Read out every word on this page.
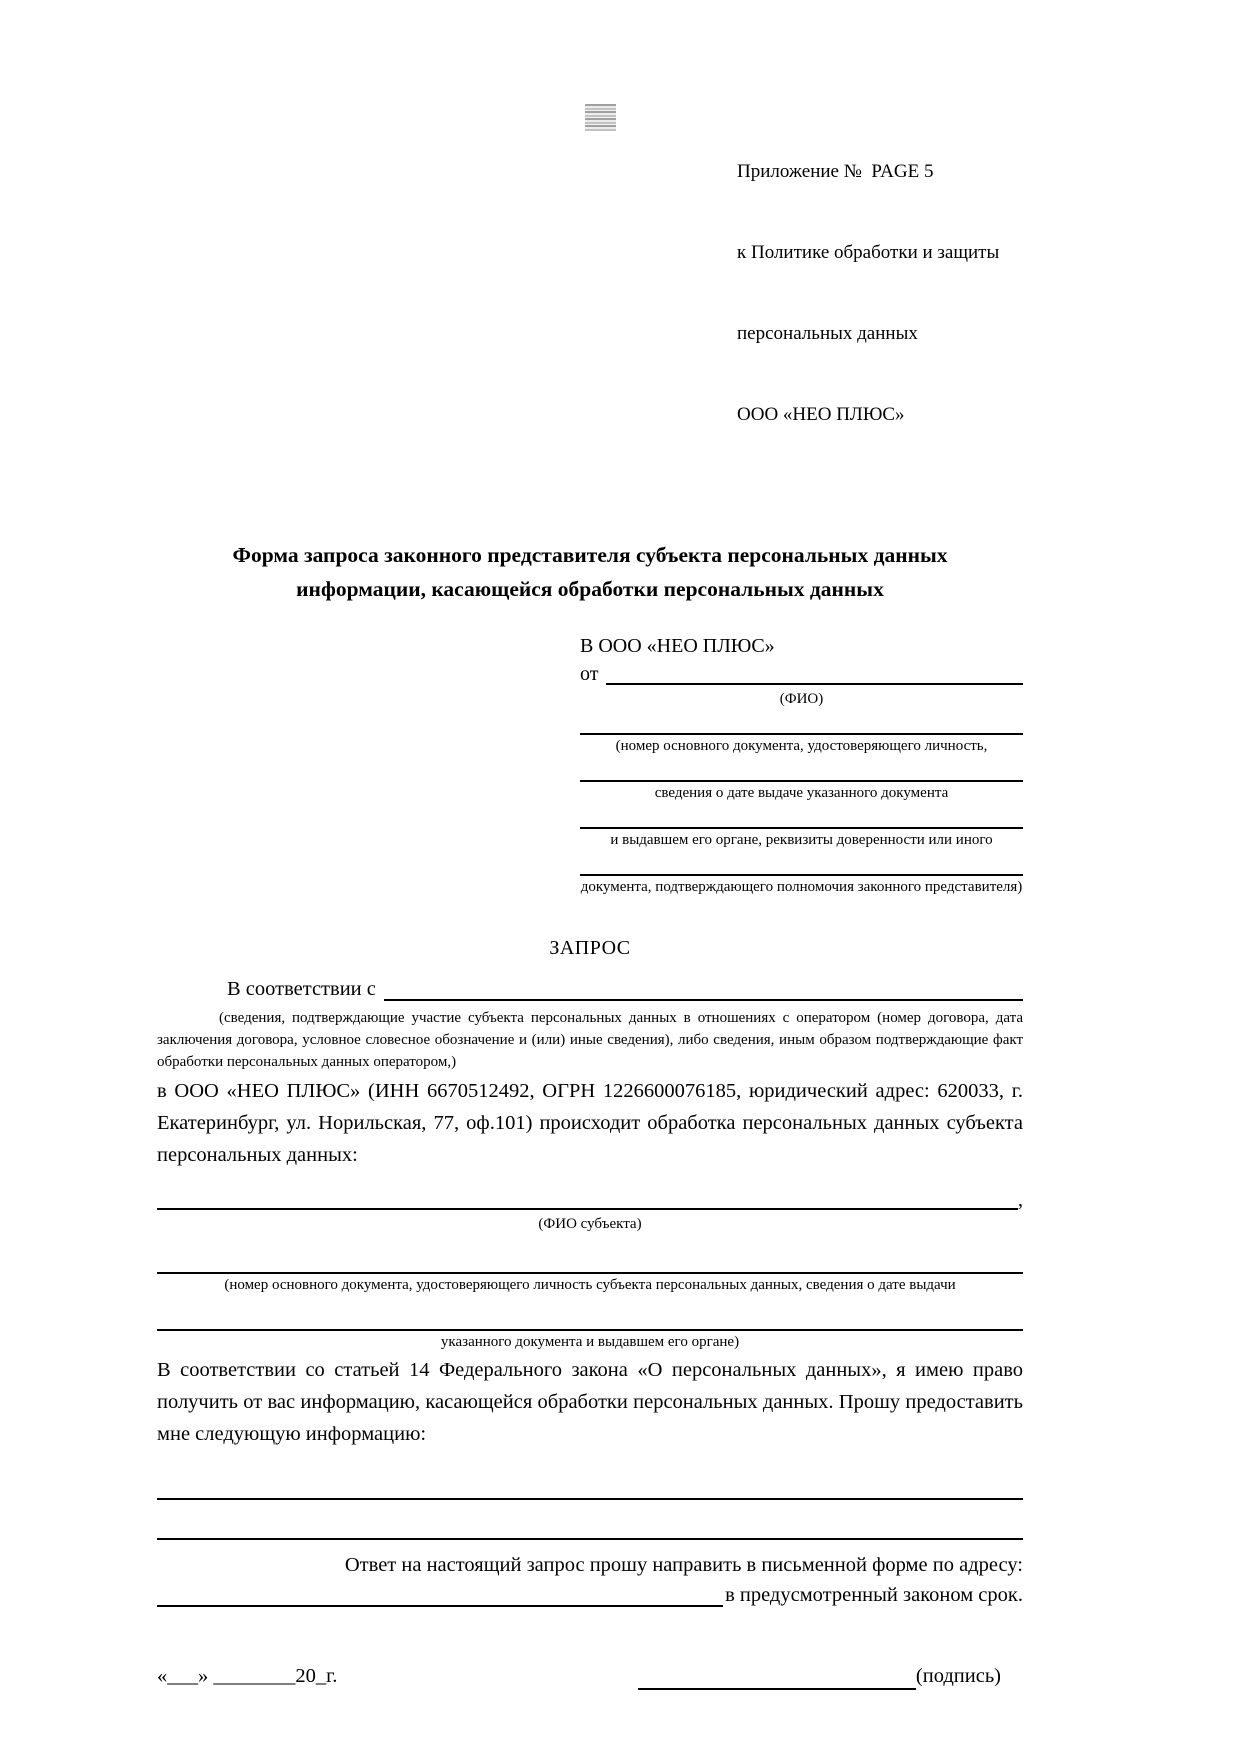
Приложение №  PAGE 5

к Политике обработки и защиты

персональных данных

ООО «НЕО ПЛЮС»

Форма запроса законного представителя субъекта персональных данных
информации, касающейся обработки персональных данных
В ООО «НЕО ПЛЮС»
от
(ФИО)
(номер основного документа, удостоверяющего личность,
сведения о дате выдаче указанного документа
и выдавшем его органе, реквизиты доверенности или иного
документа, подтверждающего полномочия законного представителя)
ЗАПРОС
В соответствии с
(сведения, подтверждающие участие субъекта персональных данных в отношениях с оператором (номер договора, дата заключения договора, условное словесное обозначение и (или) иные сведения), либо сведения, иным образом подтверждающие факт обработки персональных данных оператором,)

в ООО «НЕО ПЛЮС» (ИНН 6670512492, ОГРН 1226600076185, юридический адрес: 620033, г. Екатеринбург, ул. Норильская, 77, оф.101) происходит обработка персональных данных субъекта персональных данных:

,
(ФИО субъекта)
(номер основного документа, удостоверяющего личность субъекта персональных данных, сведения о дате выдачи
указанного документа и выдавшем его органе)

В соответствии со статьей 14 Федерального закона «О персональных данных», я имею право получить от вас информацию, касающейся обработки персональных данных. Прошу предоставить мне следующую информацию:

Ответ на настоящий запрос прошу направить в письменной форме по адресу:
в предусмотренный законом срок.
«___» ________20_г.	(подпись)
